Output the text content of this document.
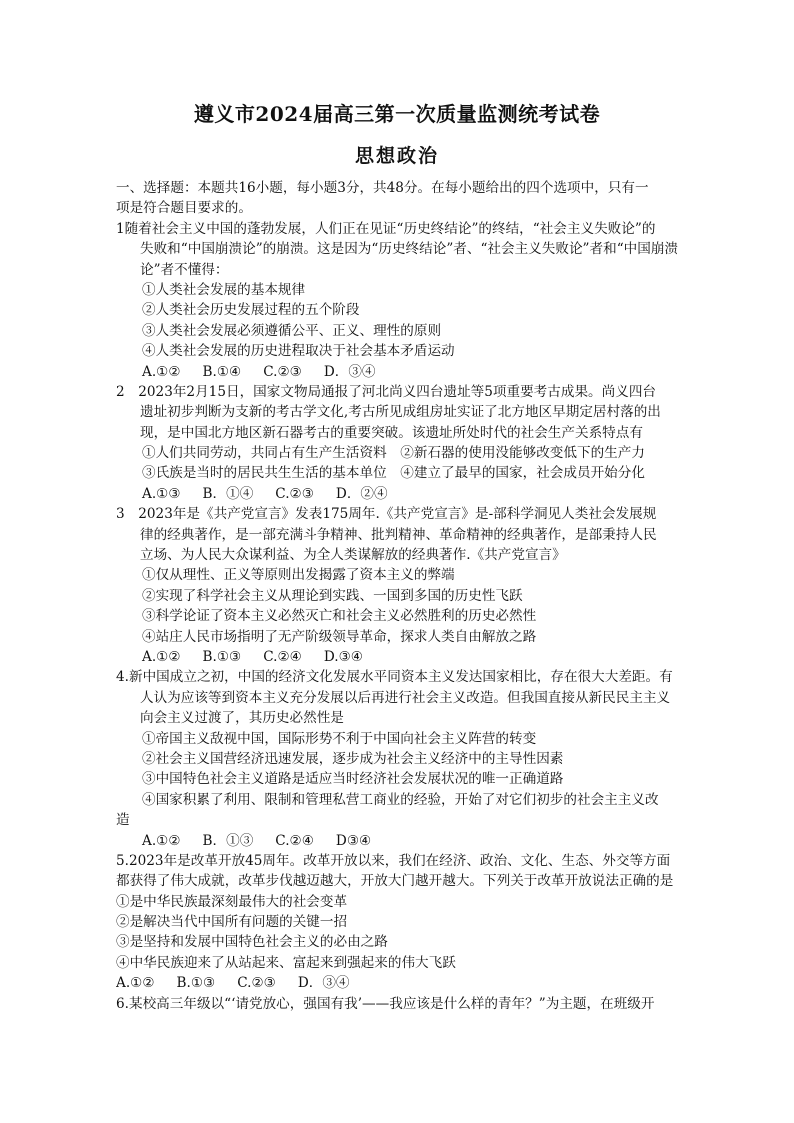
遵义市2024届高三第一次质量监测统考试卷
思想政治
一、选择题：本题共16小题，每小题3分，共48分。在每小题给出的四个选项中，只有一
项是符合题目要求的。
1随着社会主义中国的蓬勃发展，人们正在见证“历史终结论”的终结，“社会主义失败论”的
失败和“中国崩溃论”的崩溃。这是因为“历史终结论”者、“社会主义失败论”者和“中国崩溃
论”者不懂得：
①人类社会发展的基本规律
②人类社会历史发展过程的五个阶段
③人类社会发展必须遵循公平、正义、理性的原则
④人类社会发展的历史进程取决于社会基本矛盾运动
A.①② B.①④ C.②③ D．③④
2　2023年2月15日，国家文物局通报了河北尚义四台遗址等5项重要考古成果。尚义四台
遗址初步判断为支新的考古学文化,考古所见成组房址实证了北方地区早期定居村落的出
现，是中国北方地区新石器考古的重要突破。该遗址所处时代的社会生产关系特点有
①人们共同劳动，共同占有生产生活资料　②新石器的使用没能够改变低下的生产力
③氏族是当时的居民共生生活的基本单位　④建立了最早的国家，社会成员开始分化
A.①③ B．①④ C.②③ D．②④
3　2023年是《共产党宣言》发表175周年.《共产党宣言》是-部科学洞见人类社会发展规
律的经典著作，是一部充满斗争精神、批判精神、革命精神的经典著作，是部秉持人民
立场、为人民大众谋利益、为全人类谋解放的经典著作.《共产党宣言》
①仅从理性、正义等原则出发揭露了资本主义的弊端
②实现了科学社会主义从理论到实践、一国到多国的历史性飞跃
③科学论证了资本主义必然灭亡和社会主义必然胜利的历史必然性
④站庄人民市场指明了无产阶级领导革命，探求人类自由解放之路
A.①② B.①③ C.②④ D.③④
4.新中国成立之初，中国的经济文化发展水平同资本主义发达国家相比，存在很大大差距。有
人认为应该等到资本主义充分发展以后再进行社会主义改造。但我国直接从新民民主主义
向会主义过渡了，其历史必然性是
①帝国主义敌视中国，国际形势不利于中国向社会主义阵营的转变
②社会主义国营经济迅速发展，逐步成为社会主义经济中的主导性因素
③中国特色社会主义道路是适应当时经济社会发展状况的唯一正确道路
④国家积累了利用、限制和管理私营工商业的经验，开始了对它们初步的社会主主义改
造
A.①② B．①③ C.②④ D③④
5.2023年是改革开放45周年。改革开放以来，我们在经济、政治、文化、生态、外交等方面
都获得了伟大成就，改革步伐越迈越大，开放大门越开越大。下列关于改革开放说法正确的是
①是中华民族最深刻最伟大的社会变革
②是解决当代中国所有问题的关键一招
③是坚持和发展中国特色社会主义的必由之路
④中华民族迎来了从站起来、富起来到强起来的伟大飞跃
A.①② B.①③ C.②③ D．③④
6.某校高三年级以“‘请党放心，强国有我’——我应该是什么样的青年？”为主题，在班级开
